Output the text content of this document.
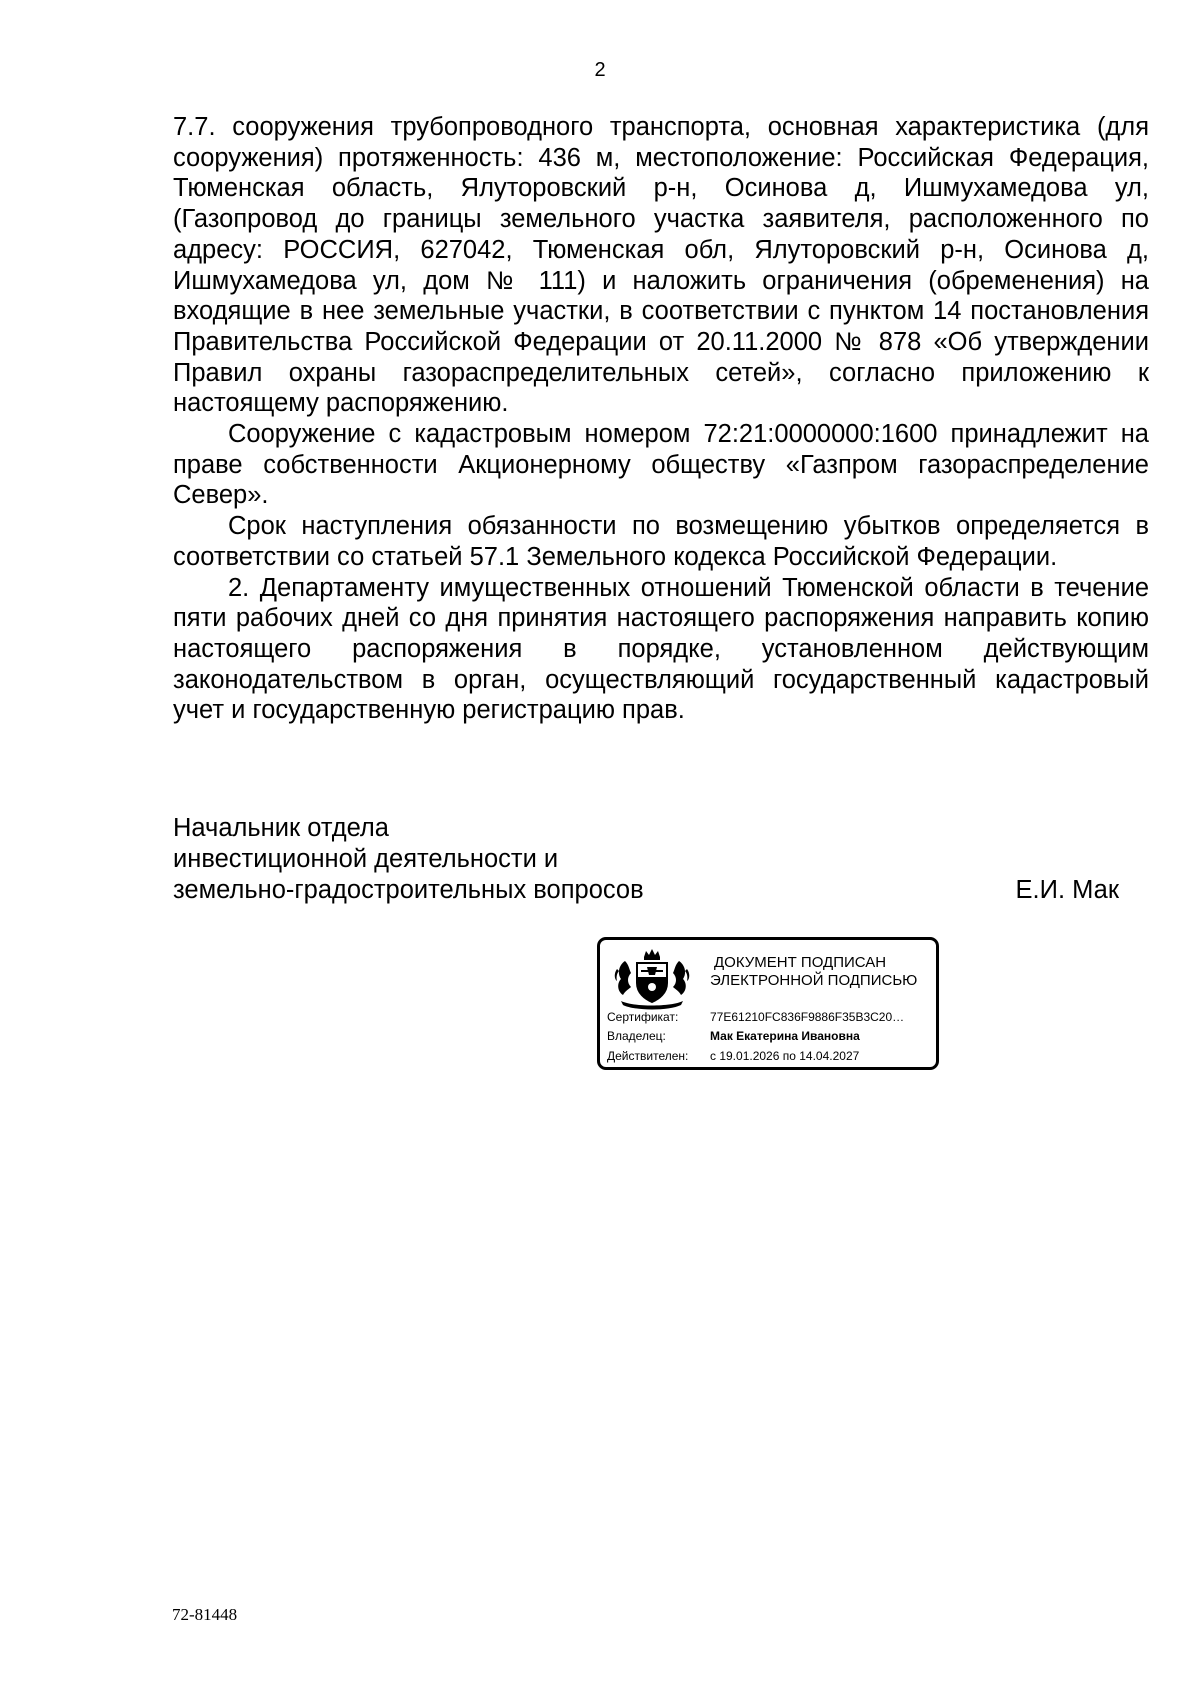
2

7.7. сооружения трубопроводного транспорта, основная характеристика (для сооружения) протяженность: 436 м, местоположение: Российская Федерация, Тюменская область, Ялуторовский р-н, Осинова д, Ишмухамедова ул, (Газопровод до границы земельного участка заявителя, расположенного по адресу: РОССИЯ, 627042, Тюменская обл, Ялуторовский р-н, Осинова д, Ишмухамедова ул, дом № 111) и наложить ограничения (обременения) на входящие в нее земельные участки, в соответствии с пунктом 14 постановления Правительства Российской Федерации от 20.11.2000 № 878 «Об утверждении Правил охраны газораспределительных сетей», согласно приложению к настоящему распоряжению.

Сооружение с кадастровым номером 72:21:0000000:1600 принадлежит на праве собственности Акционерному обществу «Газпром газораспределение Север».

Срок наступления обязанности по возмещению убытков определяется в соответствии со статьей 57.1 Земельного кодекса Российской Федерации.

2. Департаменту имущественных отношений Тюменской области в течение пяти рабочих дней со дня принятия настоящего распоряжения направить копию настоящего распоряжения в порядке, установленном действующим законодательством в орган, осуществляющий государственный кадастровый учет и государственную регистрацию прав.

Начальник отдела
инвестиционной деятельности и
земельно-градостроительных вопросов	Е.И. Мак
ДОКУМЕНТ ПОДПИСАН
ЭЛЕКТРОННОЙ ПОДПИСЬЮ
Сертификат:	77E61210FC836F9886F35B3C20…
Владелец:	Мак Екатерина Ивановна
Действителен: с 19.01.2026 по 14.04.2027
72-81448
